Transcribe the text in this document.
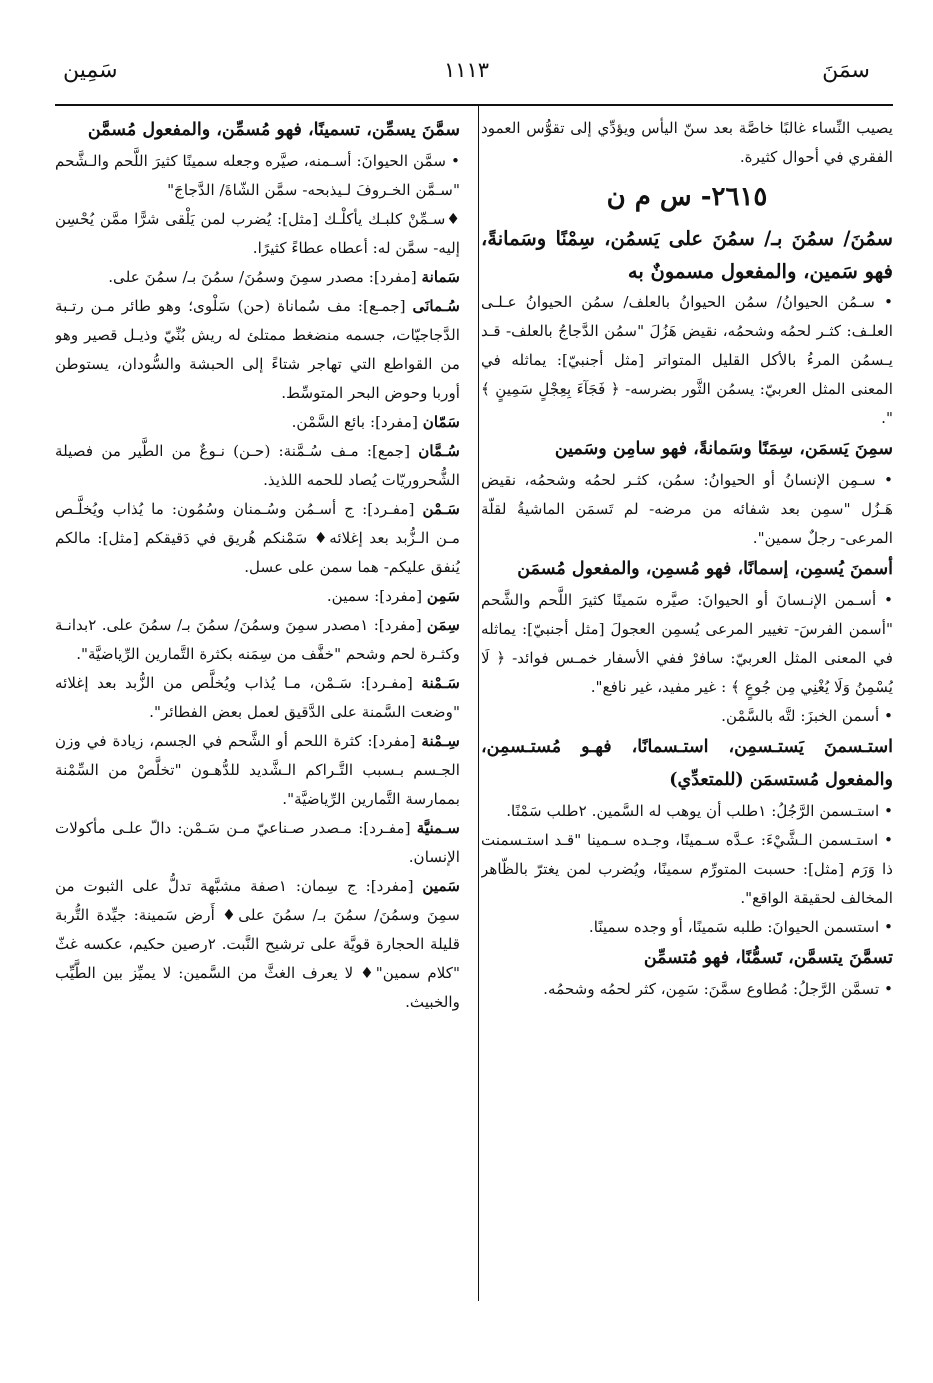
سمَنَ
١١١٣
سَمِين

يصيب النِّساء غالبًا خاصَّة بعد سنّ اليأس ويؤدِّي إلى تقوُّس العمود الفقري في أحوال كثيرة.

٢٦١٥- س م ن

سمُنَ/ سمُنَ بـ/ سمُنَ على يَسمُن، سِمْنًا وسَمانةً، فهو سَمين، والمفعول مسمونٌ به

• سـمُن الحيوانُ/ سمُن الحيوانُ بالعلف/ سمُن الحيوانُ عـلـى العلـف: كثـر لحمُه وشحمُه، نقيض هَزُلَ "سمُن الدَّجاجُ بالعلف- قـد يـسمُن المرءُ بالأكل القليل المتواتر [مثل أجنبيّ]: يماثله في المعنى المثل العربيّ: يسمُن الثَّور بضرسه- ﴿ فَجَآءَ بِعِجْلٍ سَمِينٍ ﴾ ".

سمِنَ يَسمَن، سِمَنًا وسَمانةً، فهو سامِن وسَمين

• سـمِن الإنسانُ أو الحيوانُ: سمُن، كثـر لحمُه وشحمُه، نقيض هَـزُل "سمِن بعد شفائه من مرضه- لم تَسمَن الماشيةُ لقلّة المرعى- رجلٌ سمين".

أسمنَ يُسمِن، إسمانًا، فهو مُسمِن، والمفعول مُسمَن

• أسـمن الإنـسانَ أو الحيوانَ: صيَّره سَمينًا كثيرَ اللَّحم والشَّحم "أسمن الفرسَ- تغيير المرعى يُسمِن العجولَ [مثل أجنبيّ]: يماثله في المعنى المثل العربيّ: سافرْ ففي الأسفار خمـس فوائد- ﴿ لَا يُسْمِنُ وَلَا يُغْنِي مِن جُوعٍ ﴾ : غير مفيد، غير نافع".

• أسمن الخبزَ: لتَّه بالسَّمْن.

استـسمنَ يَستـسمِن، استـسمانًا، فهـو مُستـسمِن، والمفعول مُستسمَن (للمتعدِّي)

• استـسمن الرَّجُلُ: ١طلب أن يوهب له السَّمين. ٢طلب سَمْنًا.

• استـسمن الـشَّيْءَ: عـدَّه سـمينًا، وجـده سـمينا "قـد استـسمنت ذا وَرَم [مثل]: حسبت المتورِّم سمينًا، ويُضرب لمن يغترّ بالظّاهر المخالف لحقيقة الواقع".

• استسمن الحيوانَ: طلبه سَمينًا، أو وجده سمينًا.

تسمَّنَ يتسمَّن، تَسمُّنًا، فهو مُتسمِّن

• تسمَّن الرَّجلُ: مُطاوع سمَّنَ: سَمِن، كثر لحمُه وشحمُه.

سمَّنَ يسمِّن، تسمينًا، فهو مُسمِّن، والمفعول مُسمَّن

• سمَّن الحيوانَ: أسـمنه، صيَّره وجعله سمينًا كثيرَ اللَّحم والـشَّحم "سـمَّن الخـروفَ لـيذبحه- سمَّن الشّاةَ/ الدَّجاجَ"

♦سـمِّنْ كلبـك يأكلْـك [مثل]: يُضرب لمن يَلْقى شرًّا ممَّن يُحْسِن إليه- سمَّن له: أعطاه عطاءً كثيرًا.

سَمانة [مفرد]: مصدر سمِنَ وسمُنَ/ سمُنَ بـ/ سمُنَ على.

سُـمانَى [جمـع]: مف سُماناة (حن) سَلْوى؛ وهو طائر مـن رتـبة الدَّجاجيّات، جسمه منضغط ممتلئ له ريش بُنِّيّ وذيـل قصير وهو من القواطع التي تهاجر شتاءً إلى الحبشة والسُّودان، يستوطن أوربا وحوض البحر المتوسِّط.

سَمّان [مفرد]: بائع السَّمْن.

سُـمَّان [جمع]: مـف سُـمَّنة: (حـن) نـوعٌ من الطَّير من فصيلة الشُّحروريّات يُصاد للحمه اللذيذ.

سَـمْن [مفـرد]: ج أسـمُن وسُـمنان وسُمُون: ما يُذاب ويُخلَّـص مـن الـزُّبد بعد إغلائه♦ سَمْنكم هُريق في دَقيقكم [مثل]: مالكم يُنفق عليكم- هما سمن على عسل.

سَمِن [مفرد]: سمين.

سِمَن [مفرد]: ١مصدر سمِنَ وسمُنَ/ سمُنَ بـ/ سمُنَ على. ٢بدانـة وكثـرة لحم وشحم "خفَّف من سِمَنه بكثرة التَّمارين الرِّياضيَّة".

سَـمْنة [مفـرد]: سَـمْن، مـا يُذاب ويُخلَّص من الزُّبد بعد إغلائه "وضعت السَّمنة على الدَّقيق لعمل بعض الفطائر".

سِـمْنة [مفرد]: كثرة اللحم أو الشَّحم في الجسم، زيادة في وزن الجـسم بـسبب التَّـراكم الـشَّديد للدُّهـون "تخلَّصْ من السِّمْنة بممارسة التَّمارين الرِّياضيَّة".

سـمنيَّة [مفـرد]: مـصدر صـناعيّ مـن سَـمْن: دالّ علـى مأكولات الإنسان.

سَمين [مفرد]: ج سِمان: ١صفة مشبَّهة تدلُّ على الثبوت من سمِنَ وسمُنَ/ سمُنَ بـ/ سمُنَ على♦ أَرض سَمينة: جيِّدة التُّربة قليلة الحجارة قويَّة على ترشيح النَّبت. ٢رصين حكيم، عكسه غثّ "كلام سمين"♦ لا يعرف الغثَّ من السَّمين: لا يميِّز بين الطَّيِّب والخبيث.
